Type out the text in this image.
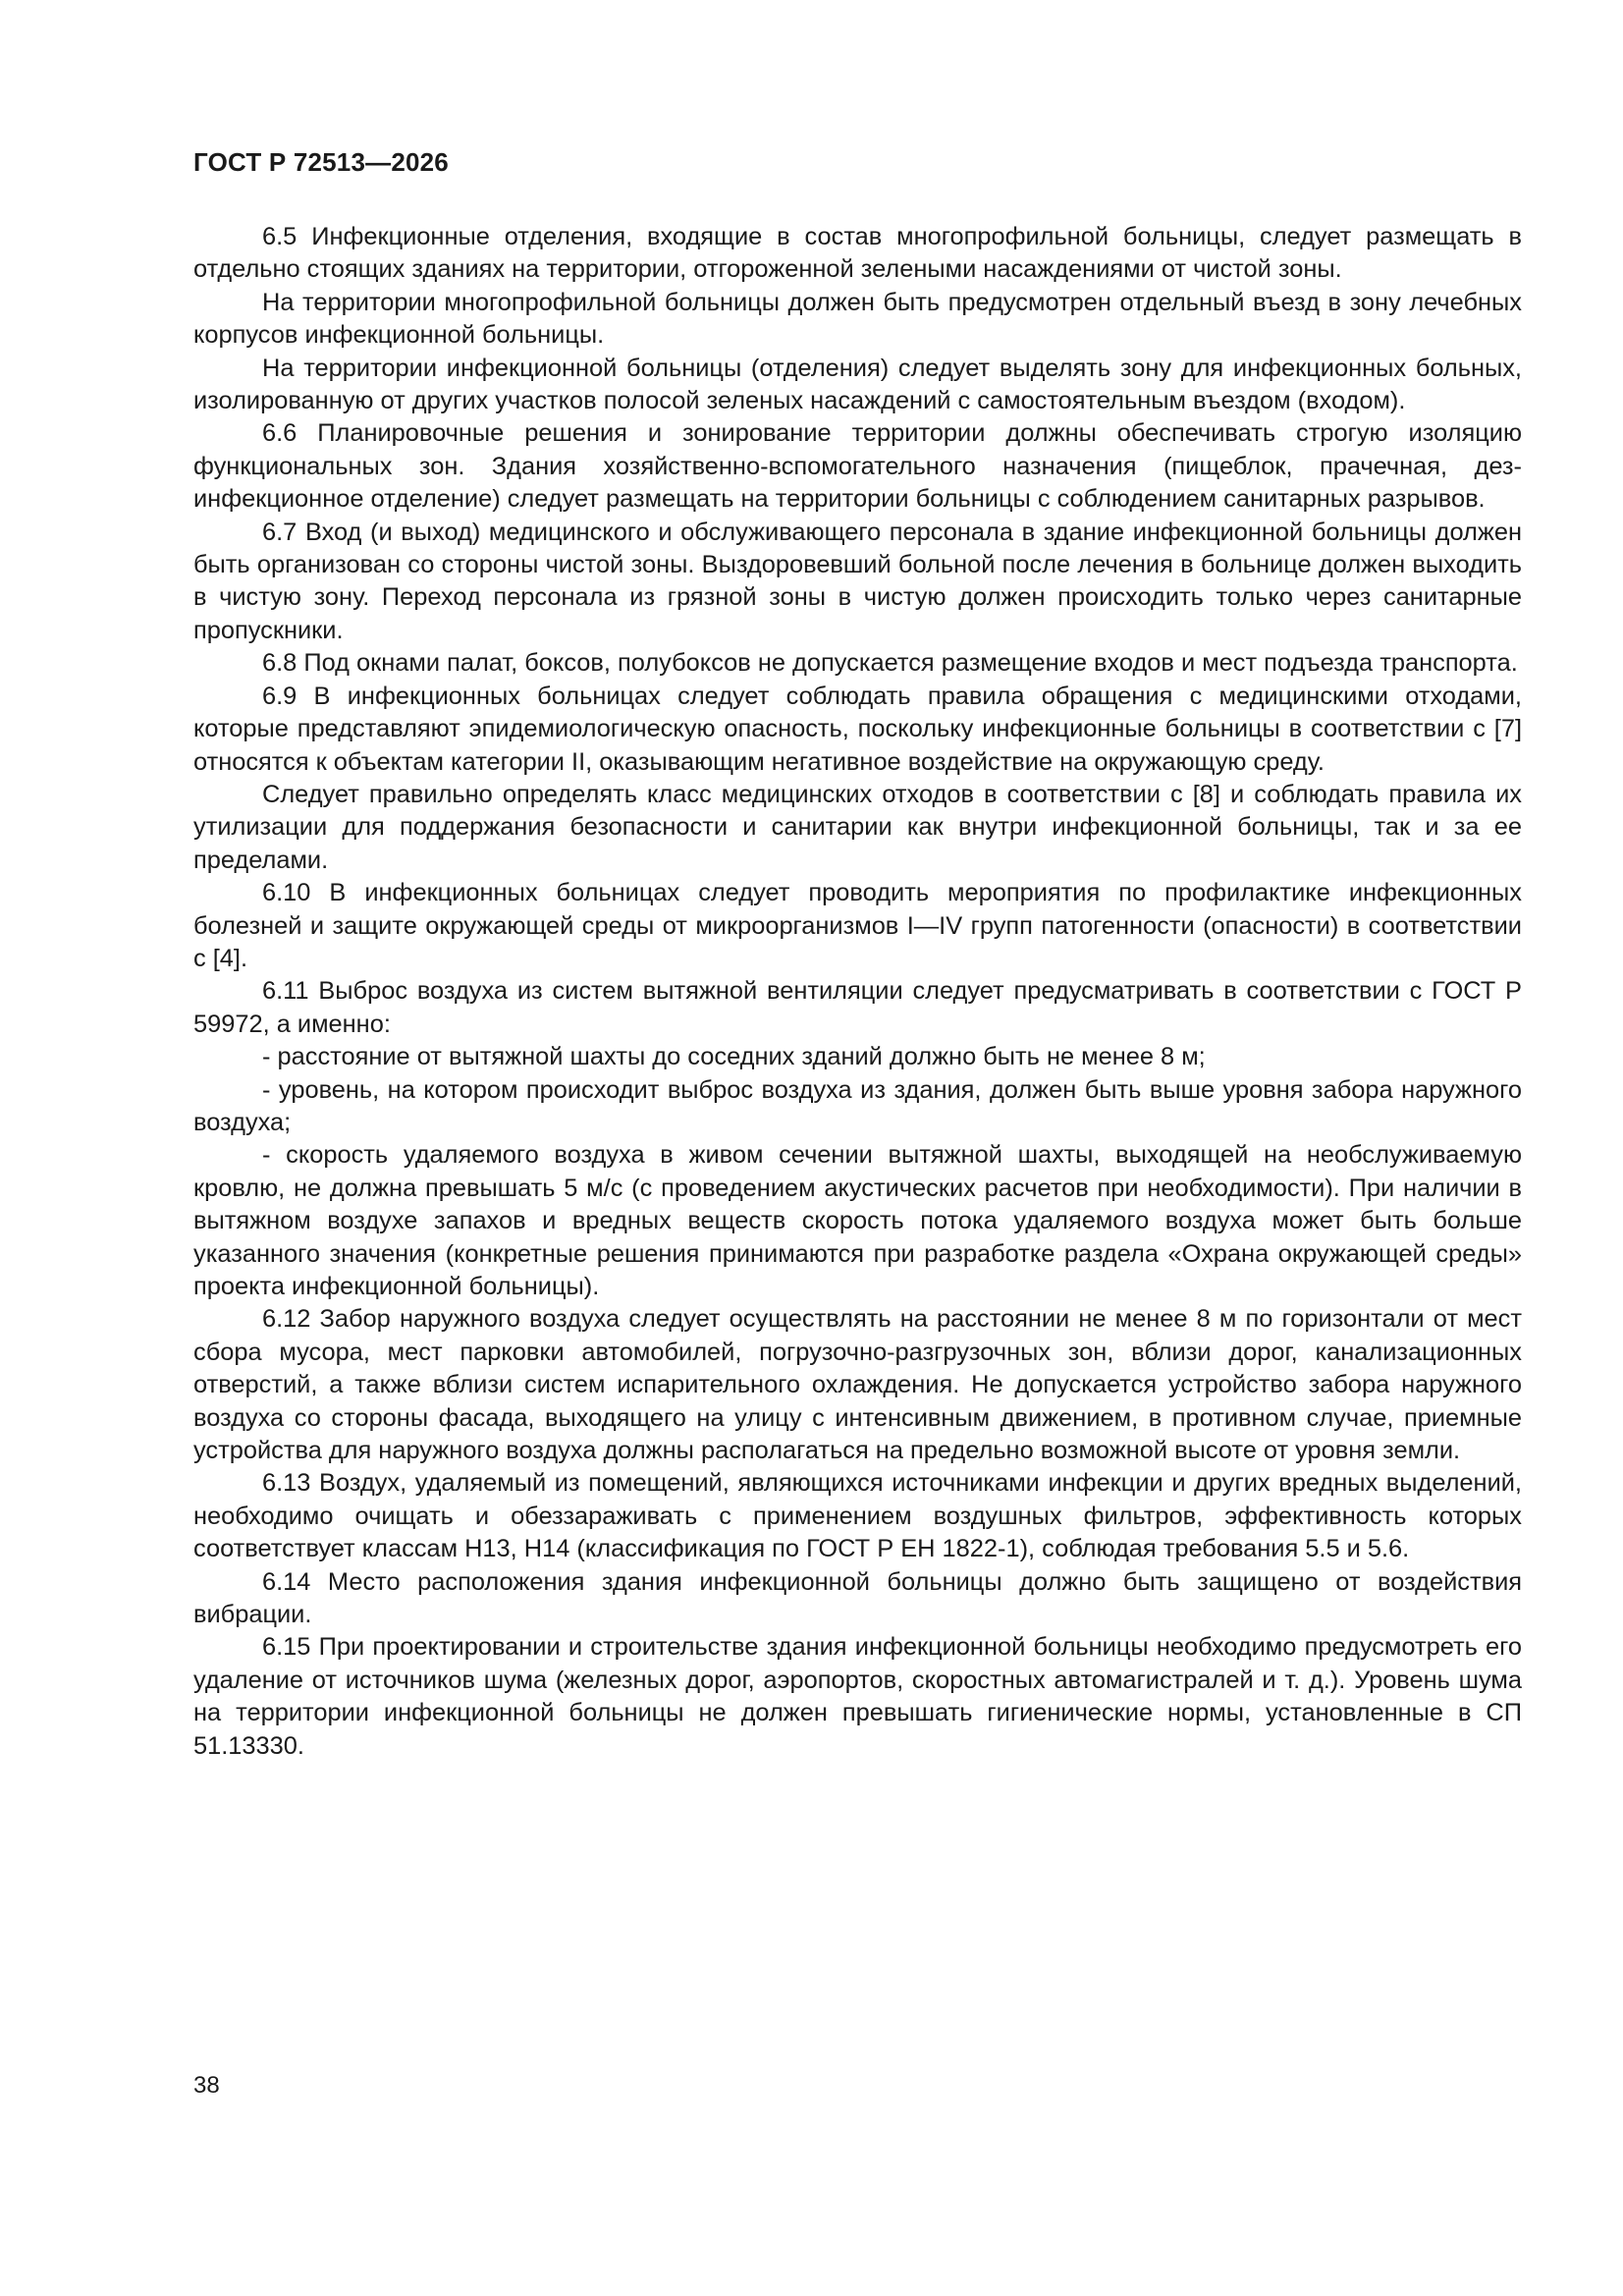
ГОСТ Р 72513—2026

6.5 Инфекционные отделения, входящие в состав многопрофильной больницы, следует размещать в отдельно стоящих зданиях на территории, отгороженной зелеными насаждениями от чистой зоны.

На территории многопрофильной больницы должен быть предусмотрен отдельный въезд в зону лечебных корпусов инфекционной больницы.

На территории инфекционной больницы (отделения) следует выделять зону для инфекционных больных, изолированную от других участков полосой зеленых насаждений с самостоятельным въездом (входом).

6.6 Планировочные решения и зонирование территории должны обеспечивать строгую изоляцию функциональных зон. Здания хозяйственно-вспомогательного назначения (пищеблок, прачечная, дезинфекционное отделение) следует размещать на территории больницы с соблюдением санитарных разрывов.

6.7 Вход (и выход) медицинского и обслуживающего персонала в здание инфекционной больницы должен быть организован со стороны чистой зоны. Выздоровевший больной после лечения в больнице должен выходить в чистую зону. Переход персонала из грязной зоны в чистую должен происходить только через санитарные пропускники.

6.8 Под окнами палат, боксов, полубоксов не допускается размещение входов и мест подъезда транспорта.

6.9 В инфекционных больницах следует соблюдать правила обращения с медицинскими отходами, которые представляют эпидемиологическую опасность, поскольку инфекционные больницы в соответствии с [7] относятся к объектам категории II, оказывающим негативное воздействие на окружающую среду.

Следует правильно определять класс медицинских отходов в соответствии с [8] и соблюдать правила их утилизации для поддержания безопасности и санитарии как внутри инфекционной больницы, так и за ее пределами.

6.10 В инфекционных больницах следует проводить мероприятия по профилактике инфекционных болезней и защите окружающей среды от микроорганизмов I—IV групп патогенности (опасности) в соответствии с [4].

6.11 Выброс воздуха из систем вытяжной вентиляции следует предусматривать в соответствии с ГОСТ Р 59972, а именно:

- расстояние от вытяжной шахты до соседних зданий должно быть не менее 8 м;

- уровень, на котором происходит выброс воздуха из здания, должен быть выше уровня забора наружного воздуха;

- скорость удаляемого воздуха в живом сечении вытяжной шахты, выходящей на необслуживаемую кровлю, не должна превышать 5 м/с (с проведением акустических расчетов при необходимости). При наличии в вытяжном воздухе запахов и вредных веществ скорость потока удаляемого воздуха может быть больше указанного значения (конкретные решения принимаются при разработке раздела «Охрана окружающей среды» проекта инфекционной больницы).

6.12 Забор наружного воздуха следует осуществлять на расстоянии не менее 8 м по горизонтали от мест сбора мусора, мест парковки автомобилей, погрузочно-разгрузочных зон, вблизи дорог, канализационных отверстий, а также вблизи систем испарительного охлаждения. Не допускается устройство забора наружного воздуха со стороны фасада, выходящего на улицу с интенсивным движением, в противном случае, приемные устройства для наружного воздуха должны располагаться на предельно возможной высоте от уровня земли.

6.13 Воздух, удаляемый из помещений, являющихся источниками инфекции и других вредных выделений, необходимо очищать и обеззараживать с применением воздушных фильтров, эффективность которых соответствует классам Н13, Н14 (классификация по ГОСТ Р ЕН 1822-1), соблюдая требования 5.5 и 5.6.

6.14 Место расположения здания инфекционной больницы должно быть защищено от воздействия вибрации.

6.15 При проектировании и строительстве здания инфекционной больницы необходимо предусмотреть его удаление от источников шума (железных дорог, аэропортов, скоростных автомагистралей и т. д.). Уровень шума на территории инфекционной больницы не должен превышать гигиенические нормы, установленные в СП 51.13330.

38
